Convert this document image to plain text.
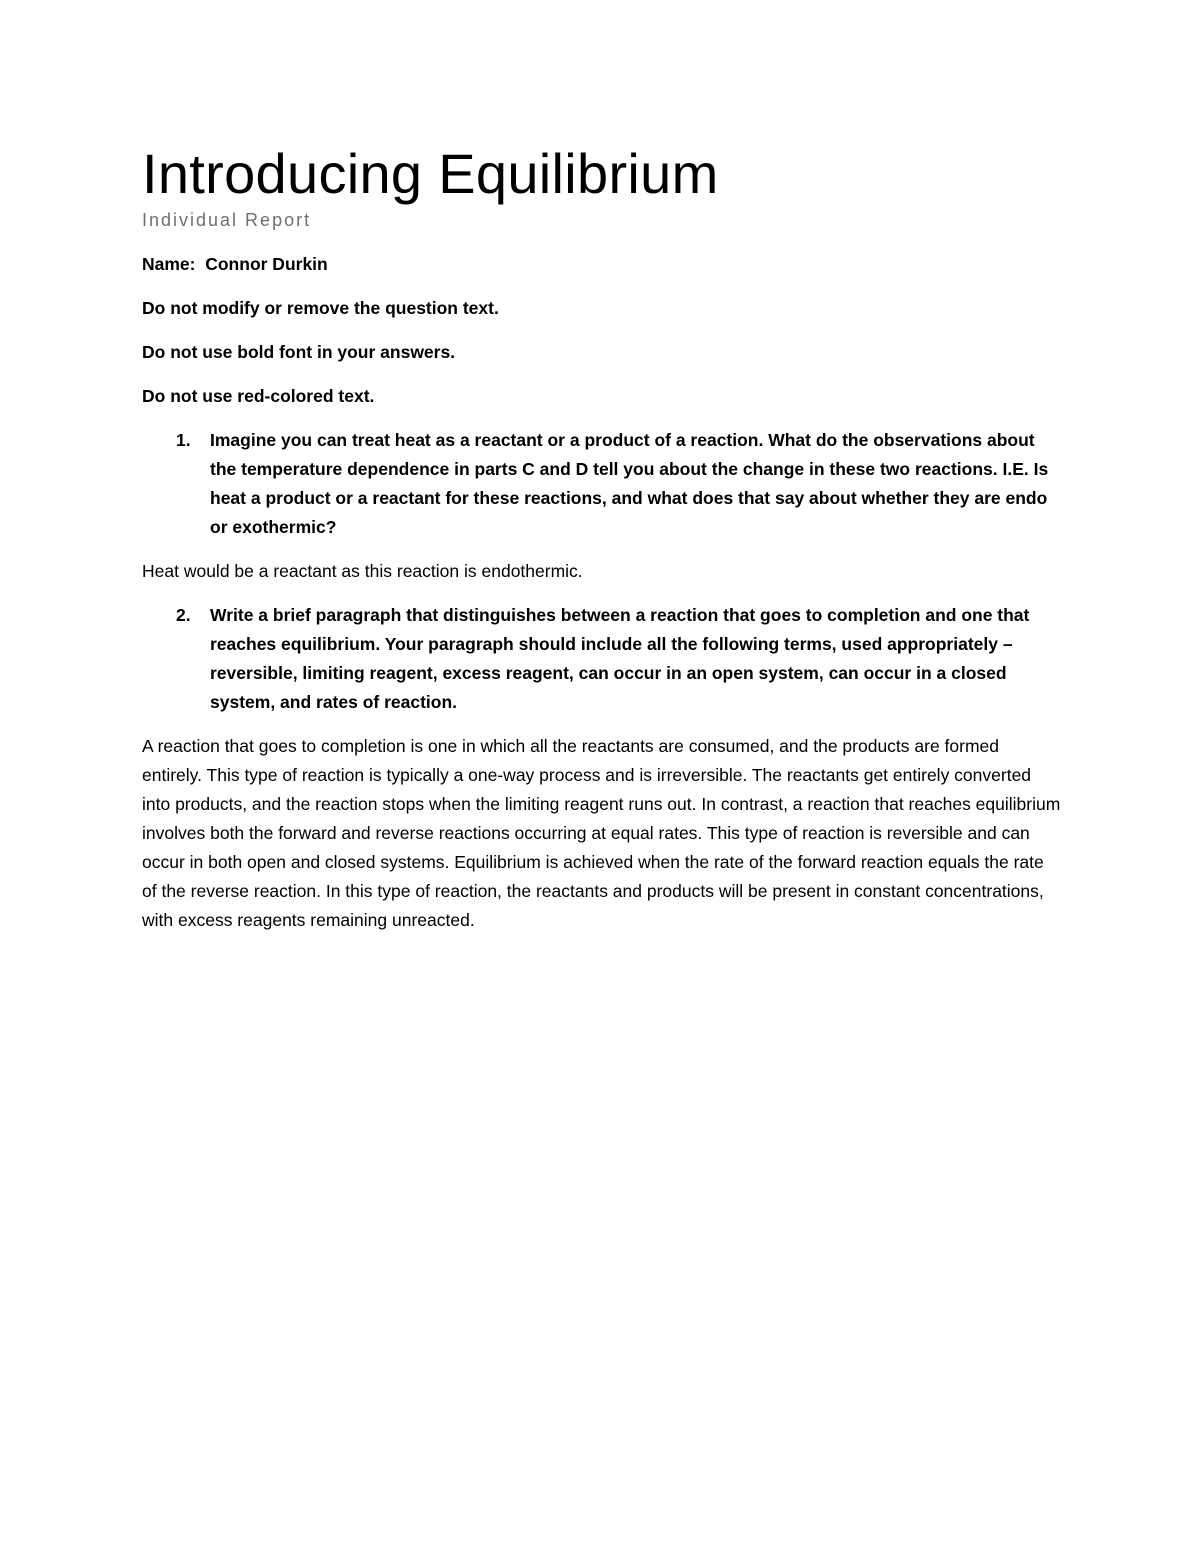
Introducing Equilibrium
Individual Report
Name: Connor Durkin
Do not modify or remove the question text.
Do not use bold font in your answers.
Do not use red-colored text.
1.	Imagine you can treat heat as a reactant or a product of a reaction. What do the observations about the temperature dependence in parts C and D tell you about the change in these two reactions. I.E. Is heat a product or a reactant for these reactions, and what does that say about whether they are endo or exothermic?
Heat would be a reactant as this reaction is endothermic.
2.	Write a brief paragraph that distinguishes between a reaction that goes to completion and one that reaches equilibrium. Your paragraph should include all the following terms, used appropriately – reversible, limiting reagent, excess reagent, can occur in an open system, can occur in a closed system, and rates of reaction.
A reaction that goes to completion is one in which all the reactants are consumed, and the products are formed entirely. This type of reaction is typically a one-way process and is irreversible. The reactants get entirely converted into products, and the reaction stops when the limiting reagent runs out. In contrast, a reaction that reaches equilibrium involves both the forward and reverse reactions occurring at equal rates. This type of reaction is reversible and can occur in both open and closed systems. Equilibrium is achieved when the rate of the forward reaction equals the rate of the reverse reaction. In this type of reaction, the reactants and products will be present in constant concentrations, with excess reagents remaining unreacted.
